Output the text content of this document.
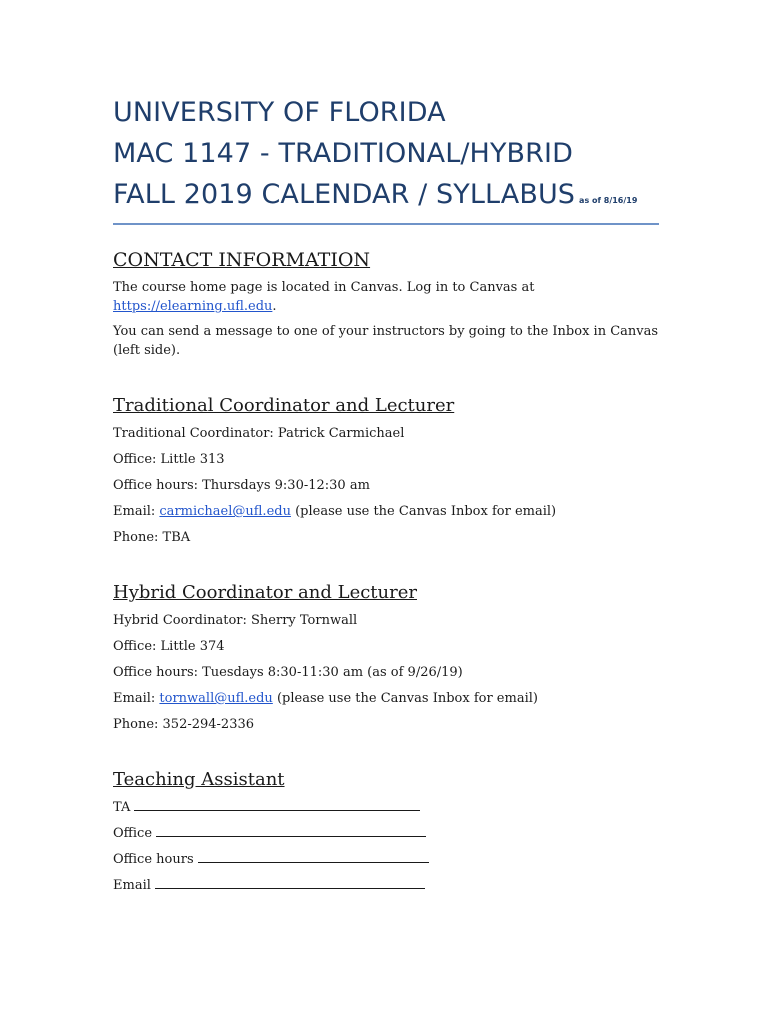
UNIVERSITY OF FLORIDA
MAC 1147 - TRADITIONAL/HYBRID
FALL 2019 CALENDAR / SYLLABUS as of 8/16/19
CONTACT INFORMATION

The course home page is located in Canvas. Log in to Canvas at https://elearning.ufl.edu.

You can send a message to one of your instructors by going to the Inbox in Canvas (left side).

Traditional Coordinator and Lecturer
Traditional Coordinator: Patrick Carmichael
Office: Little 313
Office hours: Thursdays 9:30-12:30 am
Email: carmichael@ufl.edu (please use the Canvas Inbox for email)
Phone: TBA
Hybrid Coordinator and Lecturer
Hybrid Coordinator: Sherry Tornwall
Office: Little 374
Office hours: Tuesdays 8:30-11:30 am (as of 9/26/19)
Email: tornwall@ufl.edu (please use the Canvas Inbox for email)
Phone: 352-294-2336
Teaching Assistant
TA
Office
Office hours
Email
